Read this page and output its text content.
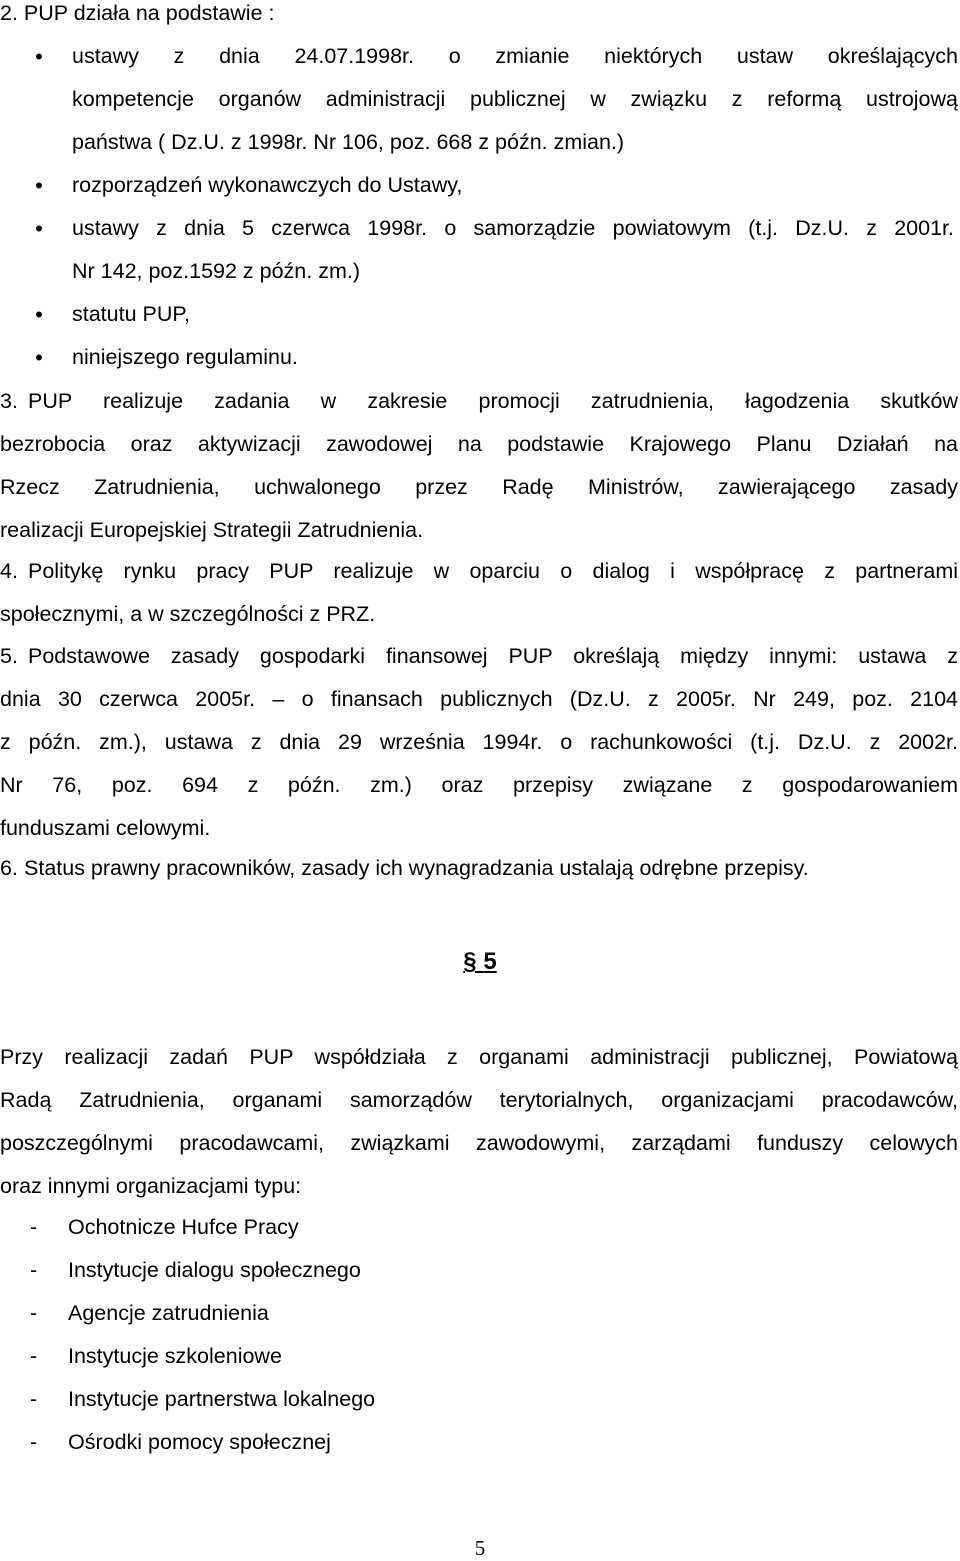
2. PUP działa na podstawie :
•	ustawy z dnia 24.07.1998r. o zmianie niektórych ustaw określających
kompetencje organów administracji publicznej w związku z reformą ustrojową
państwa ( Dz.U. z 1998r. Nr 106, poz. 668 z późn. zmian.)
•	rozporządzeń wykonawczych do Ustawy,
•	ustawy z dnia 5 czerwca 1998r. o samorządzie powiatowym (t.j. Dz.U. z 2001r.
Nr 142, poz.1592 z późn. zm.)
•	statutu PUP,
•	niniejszego regulaminu.
3. PUP realizuje zadania w zakresie promocji zatrudnienia, łagodzenia skutków
bezrobocia oraz aktywizacji zawodowej na podstawie Krajowego Planu Działań na
Rzecz Zatrudnienia, uchwalonego przez Radę Ministrów, zawierającego zasady
realizacji Europejskiej Strategii Zatrudnienia.
4. Politykę rynku pracy PUP realizuje w oparciu o dialog i współpracę z partnerami
społecznymi, a w szczególności z PRZ.
5. Podstawowe zasady gospodarki finansowej PUP określają między innymi: ustawa z
dnia 30 czerwca 2005r. – o finansach publicznych (Dz.U. z 2005r. Nr 249, poz. 2104
z późn. zm.), ustawa z dnia 29 września 1994r. o rachunkowości (t.j. Dz.U. z 2002r.
Nr 76, poz. 694 z późn. zm.) oraz przepisy związane z gospodarowaniem
funduszami celowymi.
6. Status prawny pracowników, zasady ich wynagradzania ustalają odrębne przepisy.
§ 5
Przy realizacji zadań PUP współdziała z organami administracji publicznej, Powiatową
Radą Zatrudnienia, organami samorządów terytorialnych, organizacjami pracodawców,
poszczególnymi pracodawcami, związkami zawodowymi, zarządami funduszy celowych
oraz innymi organizacjami typu:
-	Ochotnicze Hufce Pracy
-	Instytucje dialogu społecznego
-	Agencje zatrudnienia
-	Instytucje szkoleniowe
-	Instytucje partnerstwa lokalnego
-	Ośrodki pomocy społecznej
5
